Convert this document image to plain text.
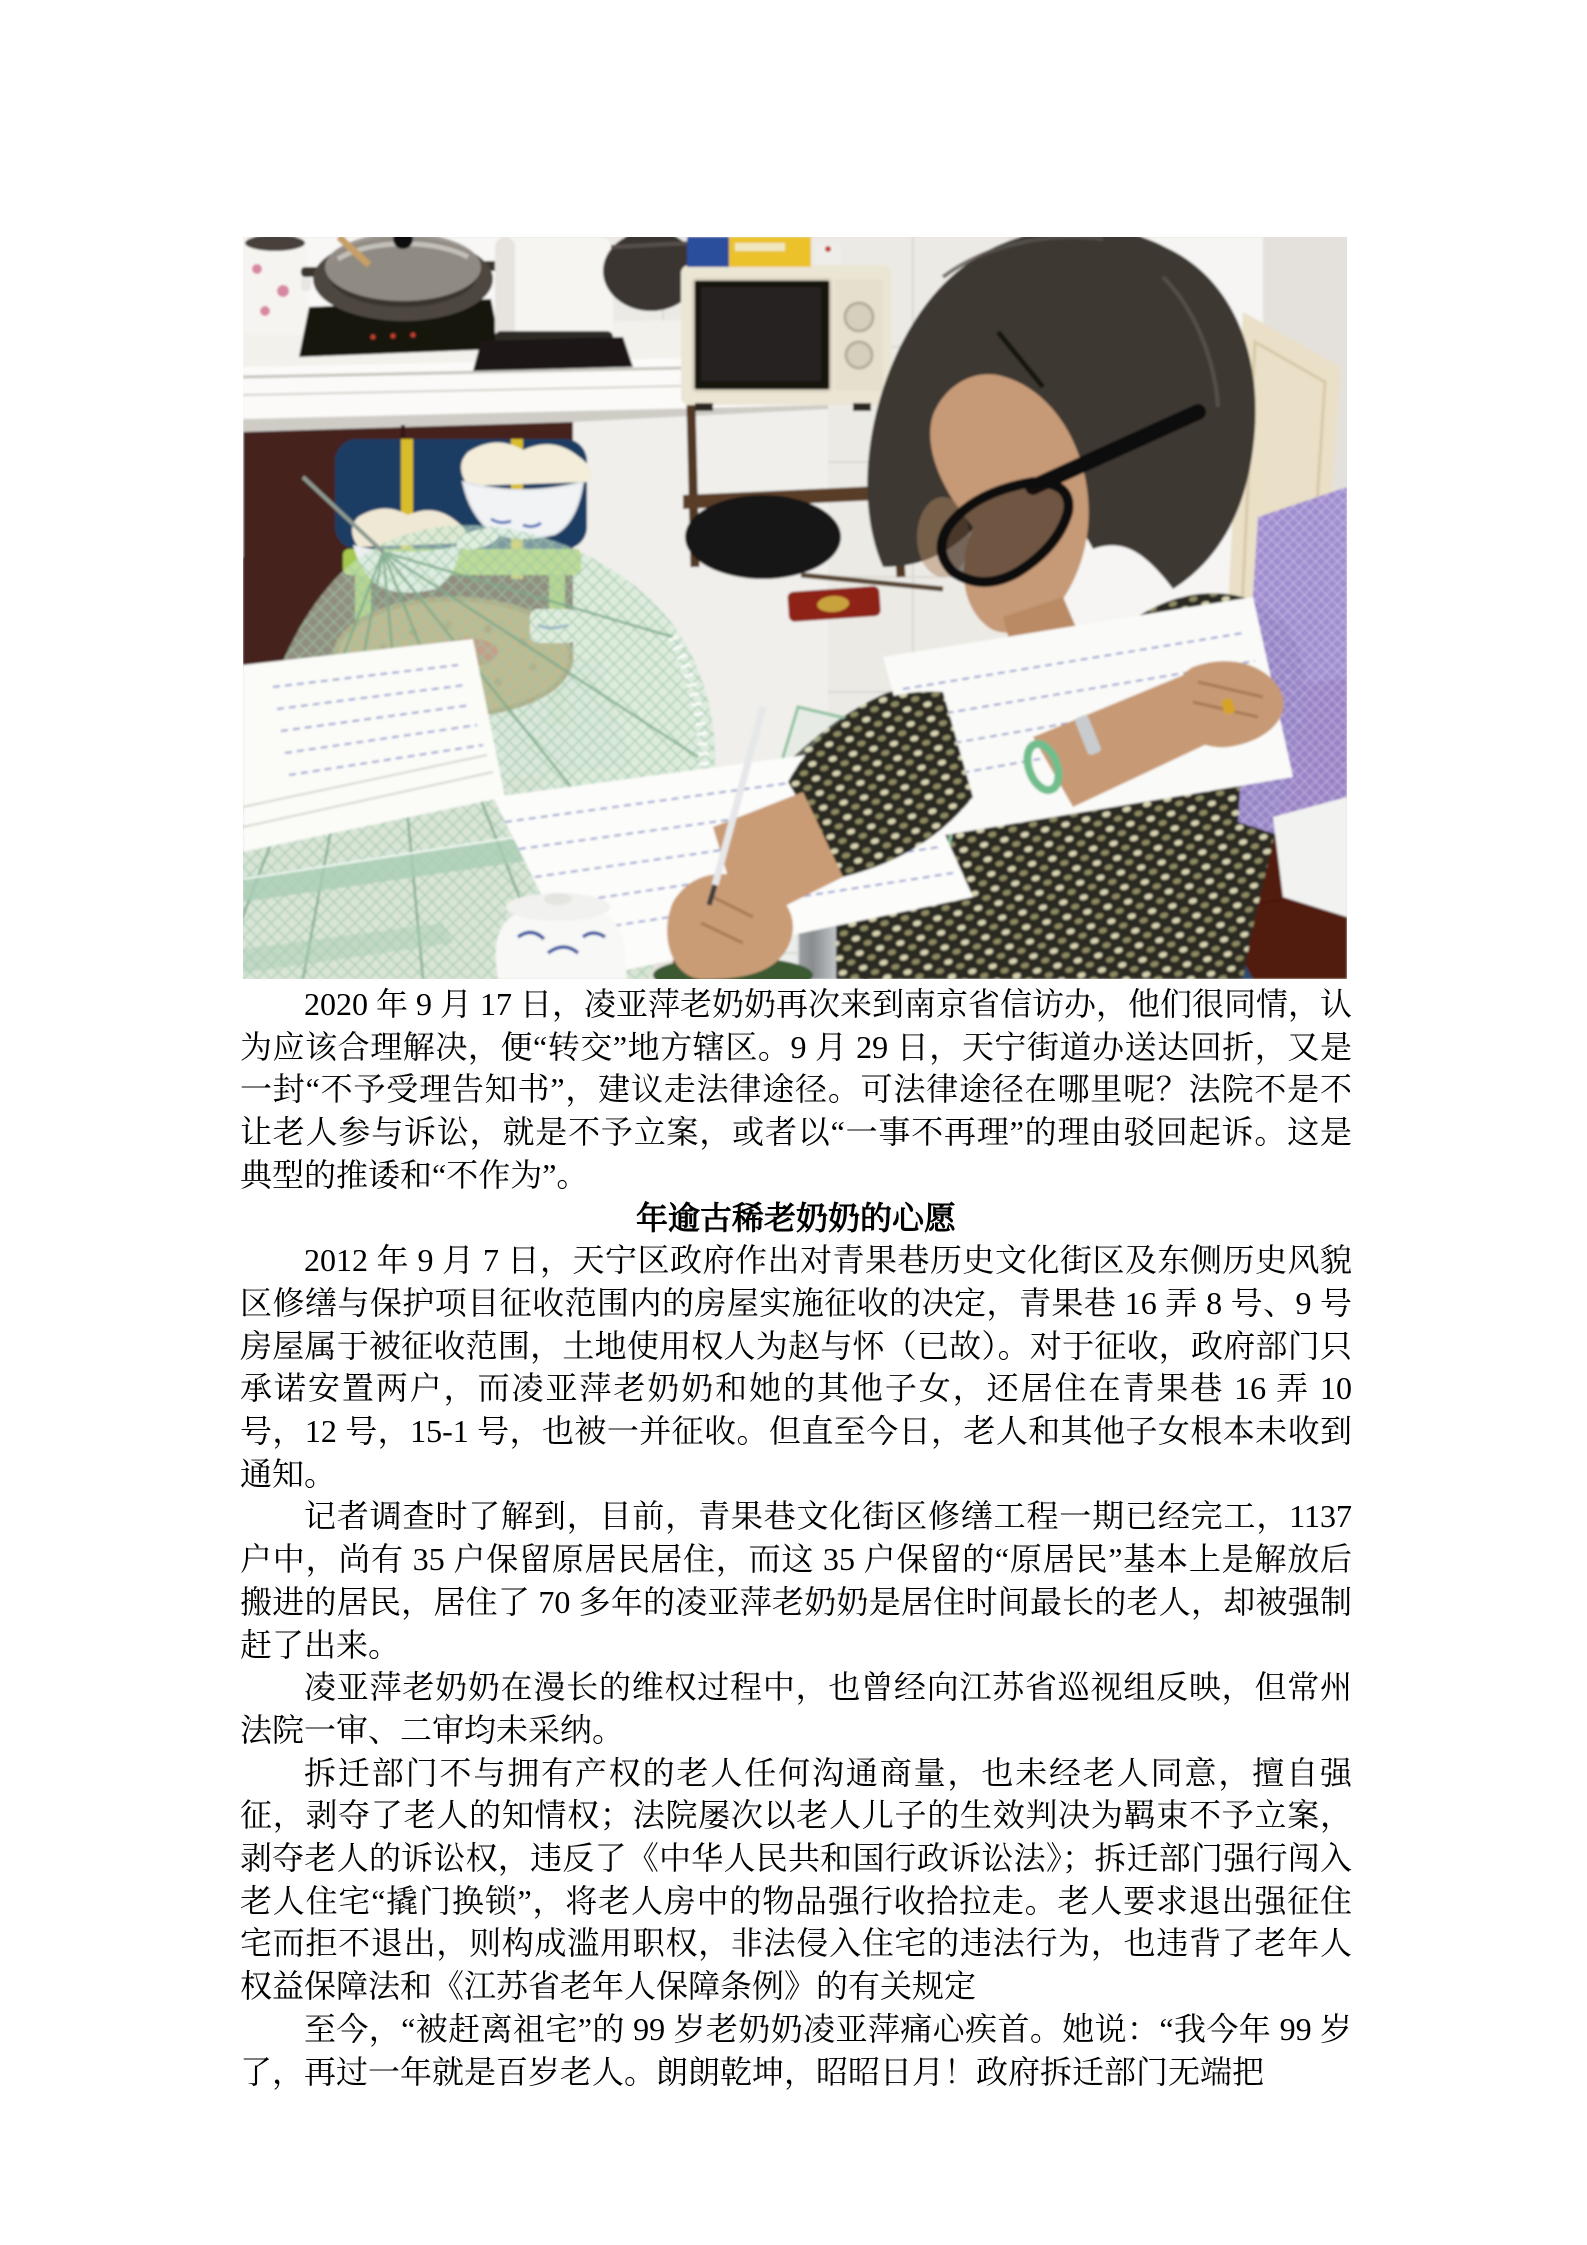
2020 年 9 月 17 日，凌亚萍老奶奶再次来到南京省信访办，他们很同情，认为应该合理解决，便“转交”地方辖区。9 月 29 日，天宁街道办送达回折，又是一封“不予受理告知书”，建议走法律途径。可法律途径在哪里呢？法院不是不让老人参与诉讼，就是不予立案，或者以“一事不再理”的理由驳回起诉。这是典型的推诿和“不作为”。

年逾古稀老奶奶的心愿

2012 年 9 月 7 日，天宁区政府作出对青果巷历史文化街区及东侧历史风貌区修缮与保护项目征收范围内的房屋实施征收的决定，青果巷 16 弄 8 号、9 号房屋属于被征收范围，土地使用权人为赵与怀（已故）。对于征收，政府部门只承诺安置两户，而凌亚萍老奶奶和她的其他子女，还居住在青果巷 16 弄 10 号，12 号，15-1 号，也被一并征收。但直至今日，老人和其他子女根本未收到通知。

记者调查时了解到，目前，青果巷文化街区修缮工程一期已经完工，1137 户中，尚有 35 户保留原居民居住，而这 35 户保留的“原居民”基本上是解放后搬进的居民，居住了 70 多年的凌亚萍老奶奶是居住时间最长的老人，却被强制赶了出来。

凌亚萍老奶奶在漫长的维权过程中，也曾经向江苏省巡视组反映，但常州法院一审、二审均未采纳。

拆迁部门不与拥有产权的老人任何沟通商量，也未经老人同意，擅自强征，剥夺了老人的知情权；法院屡次以老人儿子的生效判决为羁束不予立案，剥夺老人的诉讼权，违反了《中华人民共和国行政诉讼法》；拆迁部门强行闯入老人住宅“撬门换锁”，将老人房中的物品强行收拾拉走。老人要求退出强征住宅而拒不退出，则构成滥用职权，非法侵入住宅的违法行为，也违背了老年人权益保障法和《江苏省老年人保障条例》的有关规定

至今，“被赶离祖宅”的 99 岁老奶奶凌亚萍痛心疾首。她说：“我今年 99 岁了，再过一年就是百岁老人。朗朗乾坤，昭昭日月！政府拆迁部门无端把
